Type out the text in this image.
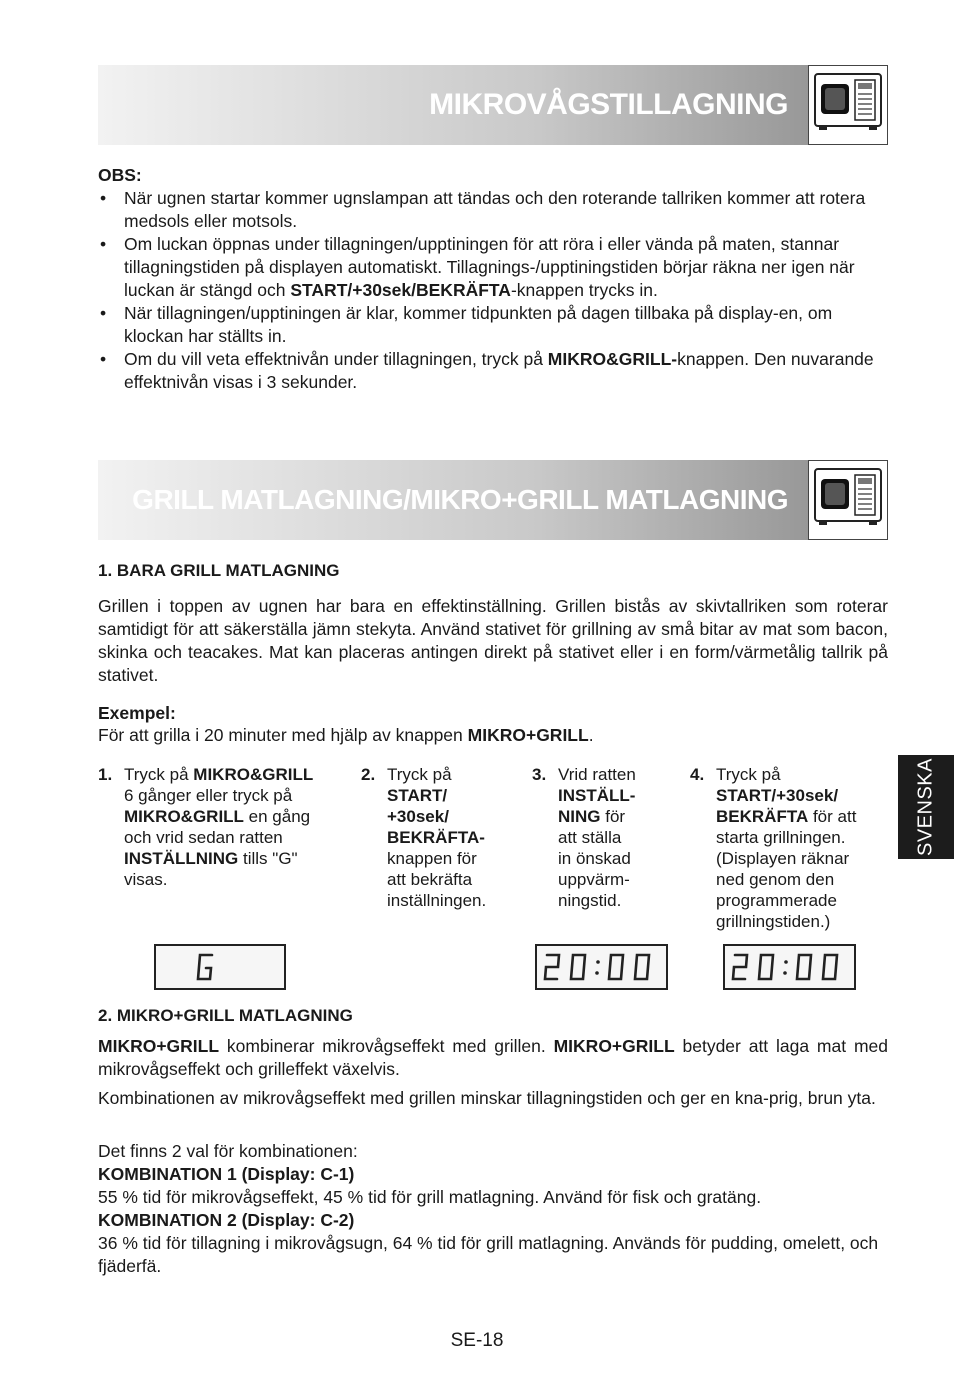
MIKROVÅGSTILLAGNING
OBS:
• När ugnen startar kommer ugnslampan att tändas och den roterande tallriken kommer att rotera medsols eller motsols.
• Om luckan öppnas under tillagningen/upptiningen för att röra i eller vända på maten, stannar tillagningstiden på displayen automatiskt. Tillagnings-/upptiningstiden börjar räkna ner igen när luckan är stängd och START/+30sek/BEKRÄFTA-knappen trycks in.
• När tillagningen/upptiningen är klar, kommer tidpunkten på dagen tillbaka på display-en, om klockan har ställts in.
• Om du vill veta effektnivån under tillagningen, tryck på MIKRO&GRILL-knappen. Den nuvarande effektnivån visas i 3 sekunder.
GRILL MATLAGNING/MIKRO+GRILL MATLAGNING
1. BARA GRILL MATLAGNING
Grillen i toppen av ugnen har bara en effektinställning. Grillen bistås av skivtallriken som roterar samtidigt för att säkerställa jämn stekyta. Använd stativet för grillning av små bitar av mat som bacon, skinka och teacakes. Mat kan placeras antingen direkt på stativet eller i en form/värmetålig tallrik på stativet.
Exempel:
För att grilla i 20 minuter med hjälp av knappen MIKRO+GRILL.
1. Tryck på MIKRO&GRILL
6 gånger eller tryck på
MIKRO&GRILL en gång
och vrid sedan ratten
INSTÄLLNING tills "G"
visas.
2. Tryck på
START/
+30sek/
BEKRÄFTA-
knappen för
att bekräfta
inställningen.
3. Vrid ratten
INSTÄLL-
NING för
att ställa
in önskad
uppvärm-
ningstid.
4. Tryck på
START/+30sek/
BEKRÄFTA för att
starta grillningen.
(Displayen räknar
ned genom den
programmerade
grillningstiden.)
2. MIKRO+GRILL MATLAGNING
MIKRO+GRILL kombinerar mikrovågseffekt med grillen. MIKRO+GRILL betyder att laga mat med mikrovågseffekt och grilleffekt växelvis.
Kombinationen av mikrovågseffekt med grillen minskar tillagningstiden och ger en kna-prig, brun yta.
Det finns 2 val för kombinationen:
KOMBINATION 1 (Display: C-1)
55 % tid för mikrovågseffekt, 45 % tid för grill matlagning. Använd för fisk och gratäng.
KOMBINATION 2 (Display: C-2)
36 % tid för tillagning i mikrovågsugn, 64 % tid för grill matlagning. Används för pudding, omelett, och fjäderfä.
SVENSKA
SE-18
